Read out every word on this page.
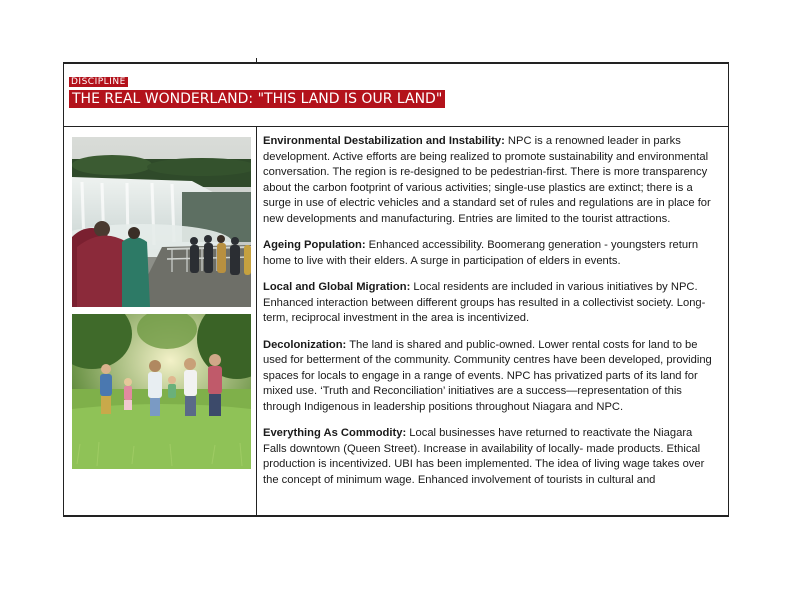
DISCIPLINE
THE REAL WONDERLAND: "THIS LAND IS OUR LAND"

Environmental Destabilization and Instability: NPC is a renowned leader in parks development. Active efforts are being realized to promote sustainability and environmental conversation. The region is re-designed to be pedestrian-first. There is more transparency about the carbon footprint of various activities; single-use plastics are extinct; there is a surge in use of electric vehicles and a standard set of rules and regulations are in place for new developments and manufacturing. Entries are limited to the tourist attractions.

Ageing Population: Enhanced accessibility. Boomerang generation - youngsters return home to live with their elders. A surge in participation of elders in events.

Local and Global Migration: Local residents are included in various initiatives by NPC. Enhanced interaction between different groups has resulted in a collectivist society. Long-term, reciprocal investment in the area is incentivized.

Decolonization: The land is shared and public-owned. Lower rental costs for land to be used for betterment of the community. Community centres have been developed, providing spaces for locals to engage in a range of events. NPC has privatized parts of its land for mixed use. ‘Truth and Reconciliation’ initiatives are a success—representation of this through Indigenous in leadership positions throughout Niagara and NPC.

Everything As Commodity: Local businesses have returned to reactivate the Niagara Falls downtown (Queen Street). Increase in availability of locally- made products. Ethical production is incentivized. UBI has been implemented. The idea of living wage takes over the concept of minimum wage. Enhanced involvement of tourists in cultural and
